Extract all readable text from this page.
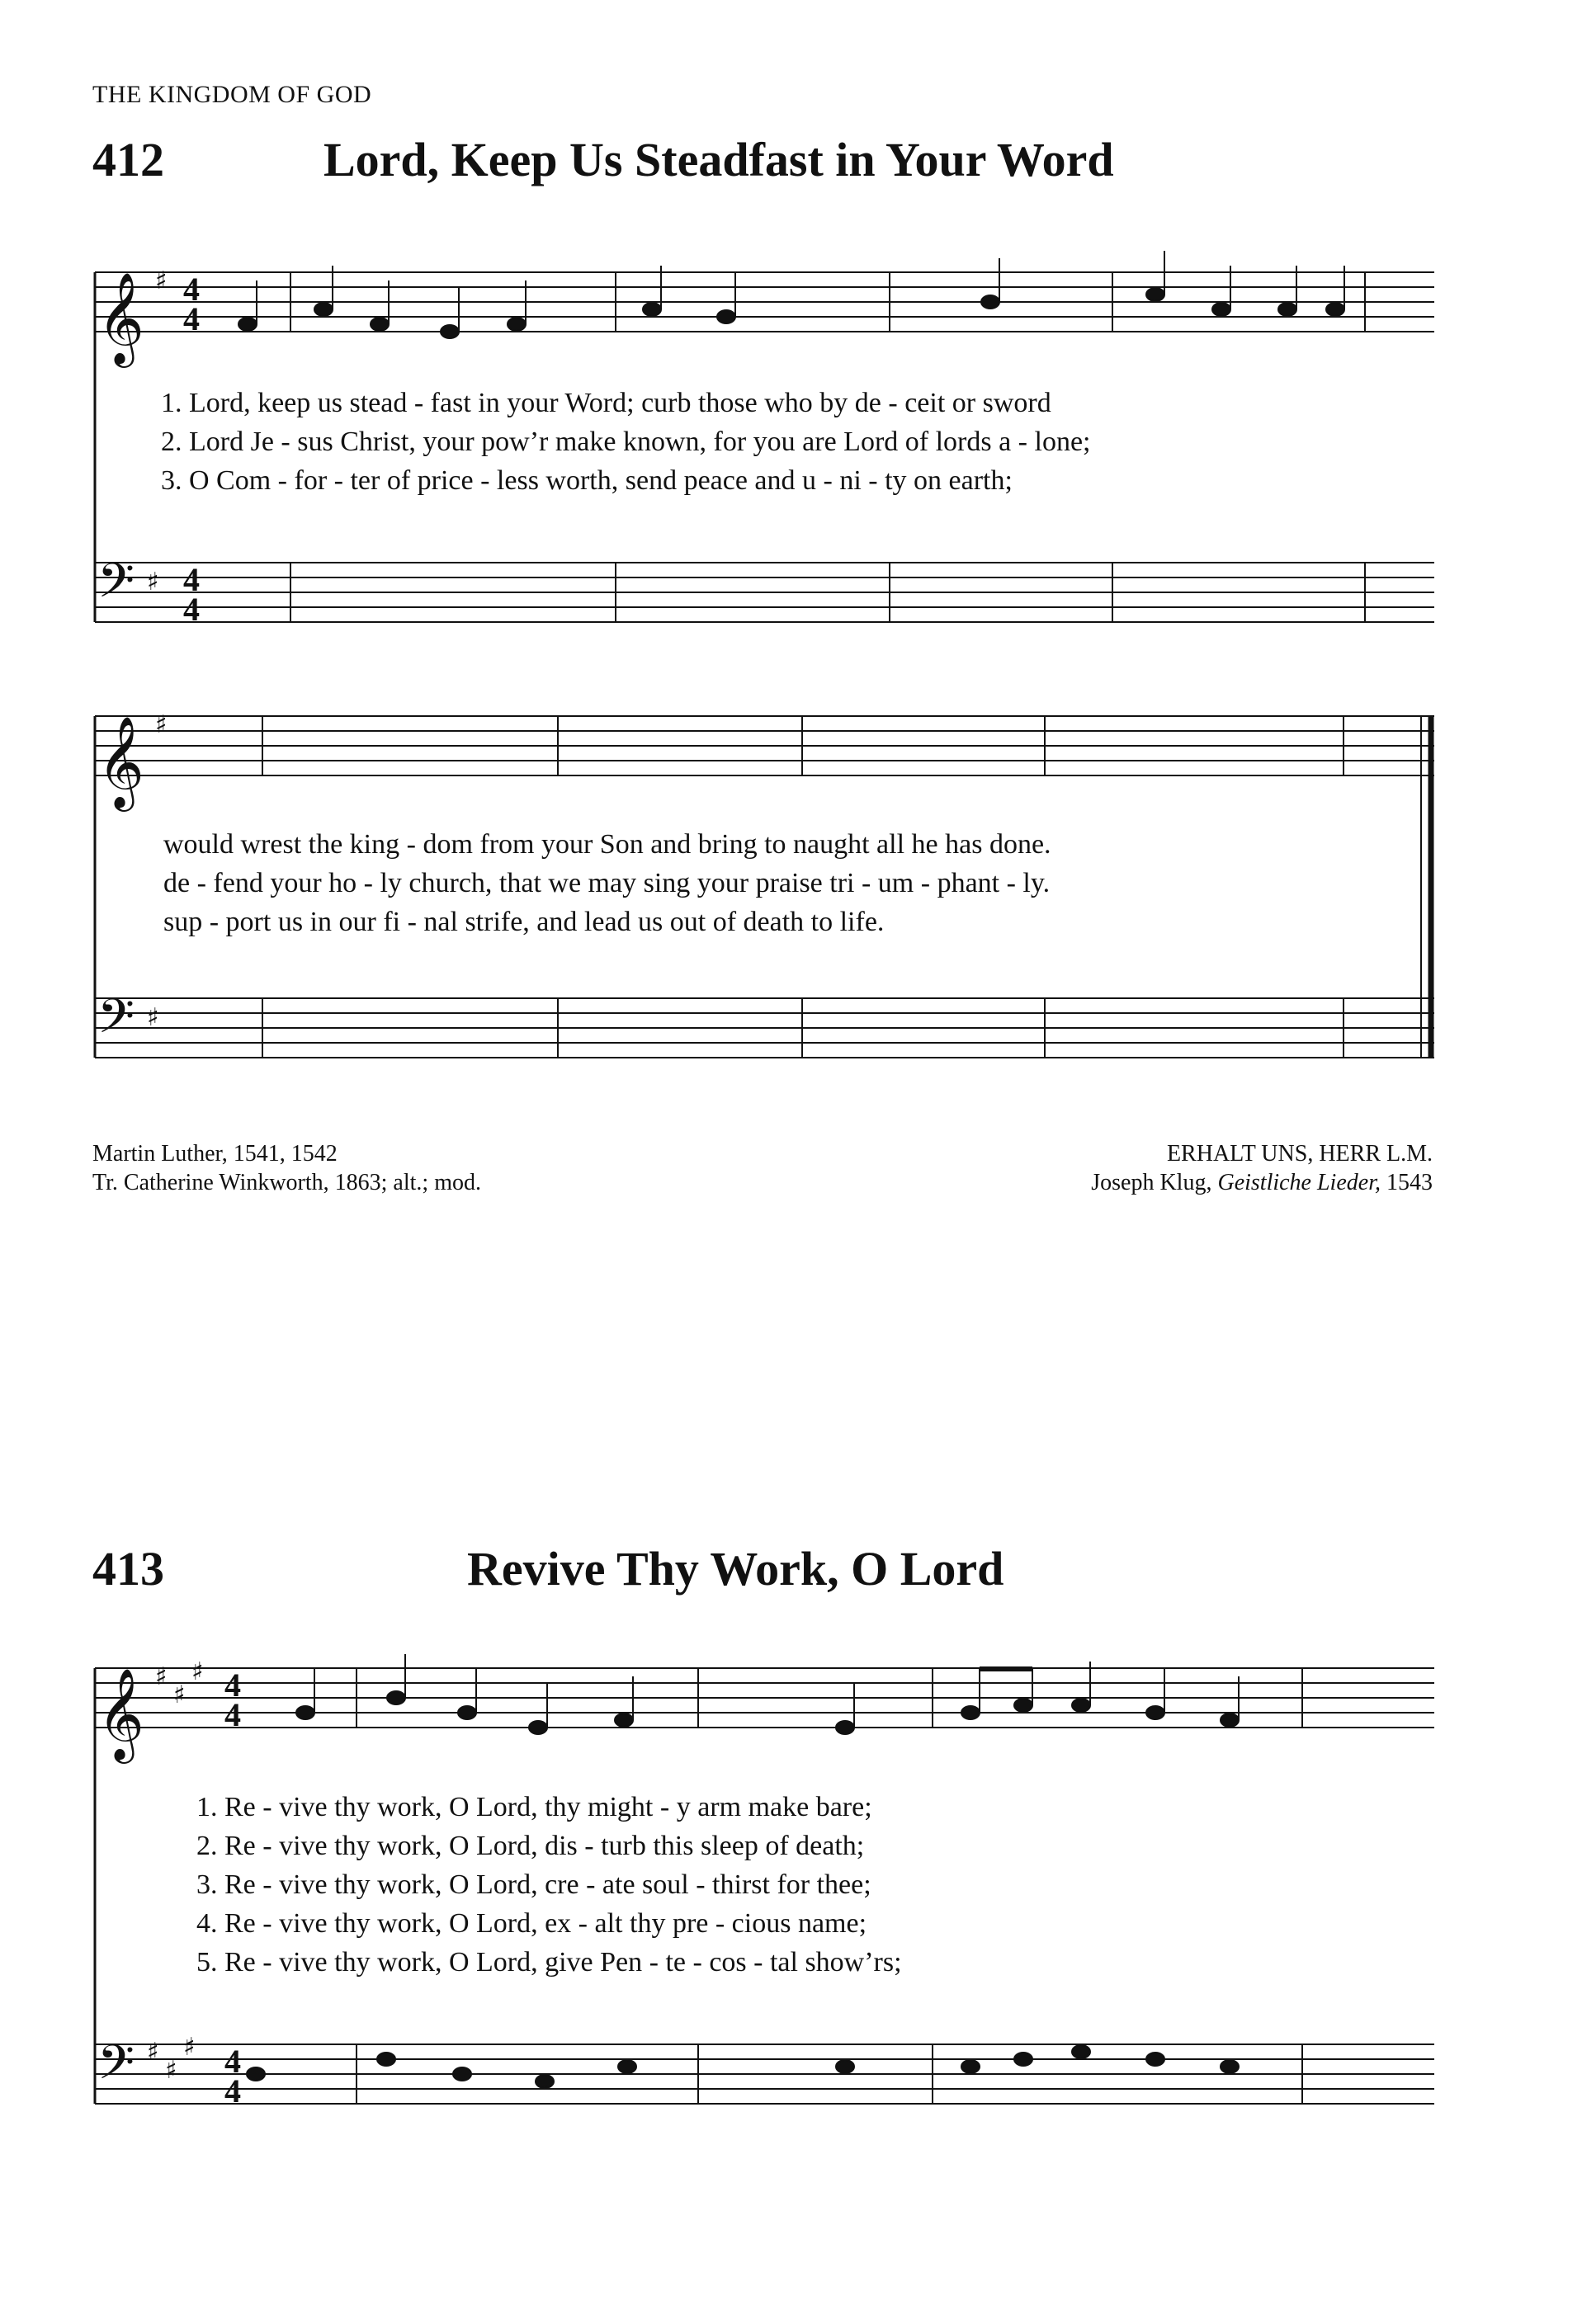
THE KINGDOM OF GOD
412	Lord, Keep Us Steadfast in Your Word
𝄞
𝄢
𝄞
𝄢
𝄞
𝄢
♯
♯
♯
♯
♯
♯
♯
♯
♯
♯
4
4
4
4
4
4
4
4
1. Lord, keep us stead - fast in your Word; curb those who by de - ceit or sword
2. Lord Je - sus Christ, your pow’r make known, for you are Lord of lords a - lone;
3. O Com - for - ter of price - less worth, send peace and u - ni - ty on earth;
would wrest the king - dom from your Son and bring to naught all he has done.
de - fend your ho - ly church, that we may sing your praise tri - um - phant - ly.
sup - port us in our fi - nal strife, and lead us out of death to life.
Martin Luther, 1541, 1542
Tr. Catherine Winkworth, 1863; alt.; mod.
ERHALT UNS, HERR L.M.
Joseph Klug, Geistliche Lieder, 1543
413	Revive Thy Work, O Lord
1. Re - vive thy work, O Lord, thy might - y arm make bare;
2. Re - vive thy work, O Lord, dis - turb this sleep of death;
3. Re - vive thy work, O Lord, cre - ate soul - thirst for thee;
4. Re - vive thy work, O Lord, ex - alt thy pre - cious name;
5. Re - vive thy work, O Lord, give Pen - te - cos - tal show’rs;
